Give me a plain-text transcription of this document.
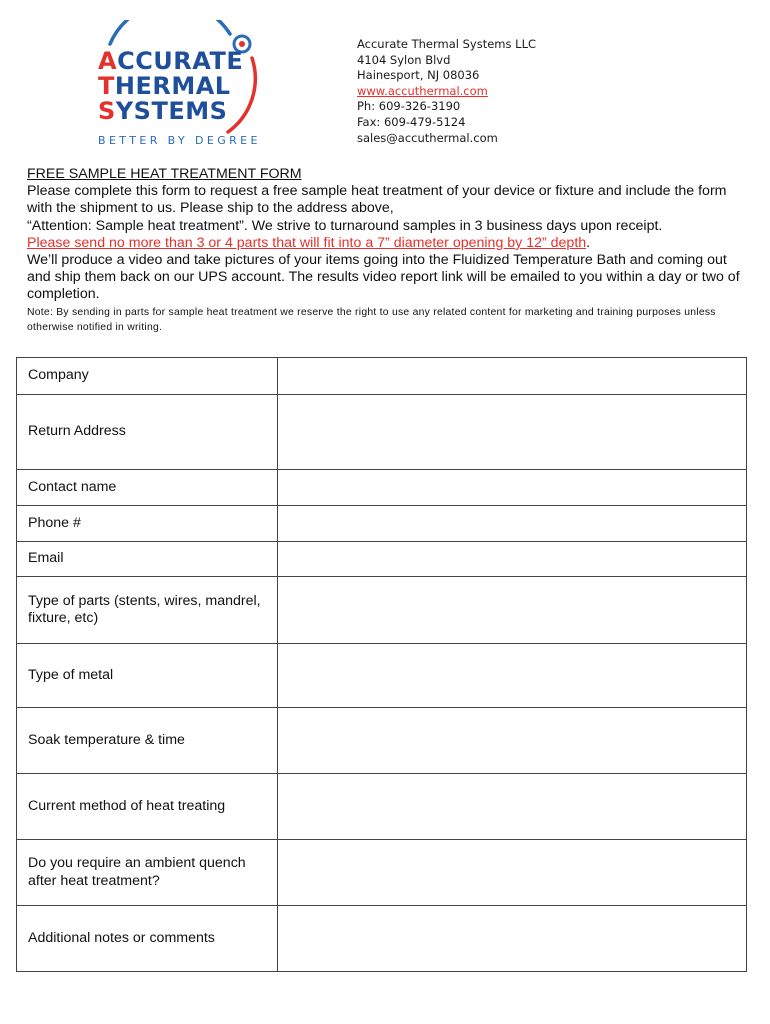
ACCURATE
THERMAL
SYSTEMS
BETTER BY DEGREE
Accurate Thermal Systems LLC
4104 Sylon Blvd
Hainesport, NJ 08036
www.accuthermal.com
Ph: 609-326-3190
Fax: 609-479-5124
sales@accuthermal.com
FREE SAMPLE HEAT TREATMENT FORM
Please complete this form to request a free sample heat treatment of your device or fixture and include the form with the shipment to us. Please ship to the address above,
“Attention: Sample heat treatment”. We strive to turnaround samples in 3 business days upon receipt.
Please send no more than 3 or 4 parts that will fit into a 7” diameter opening by 12” depth.
We’ll produce a video and take pictures of your items going into the Fluidized Temperature Bath and coming out and ship them back on our UPS account. The results video report link will be emailed to you within a day or two of completion.
Note: By sending in parts for sample heat treatment we reserve the right to use any related content for marketing and training purposes unless otherwise notified in writing.
Company	
Return Address	
Contact name	
Phone #	
Email	
Type of parts (stents, wires, mandrel, fixture, etc)	
Type of metal	
Soak temperature & time	
Current method of heat treating	
Do you require an ambient quench after heat treatment?	
Additional notes or comments	
